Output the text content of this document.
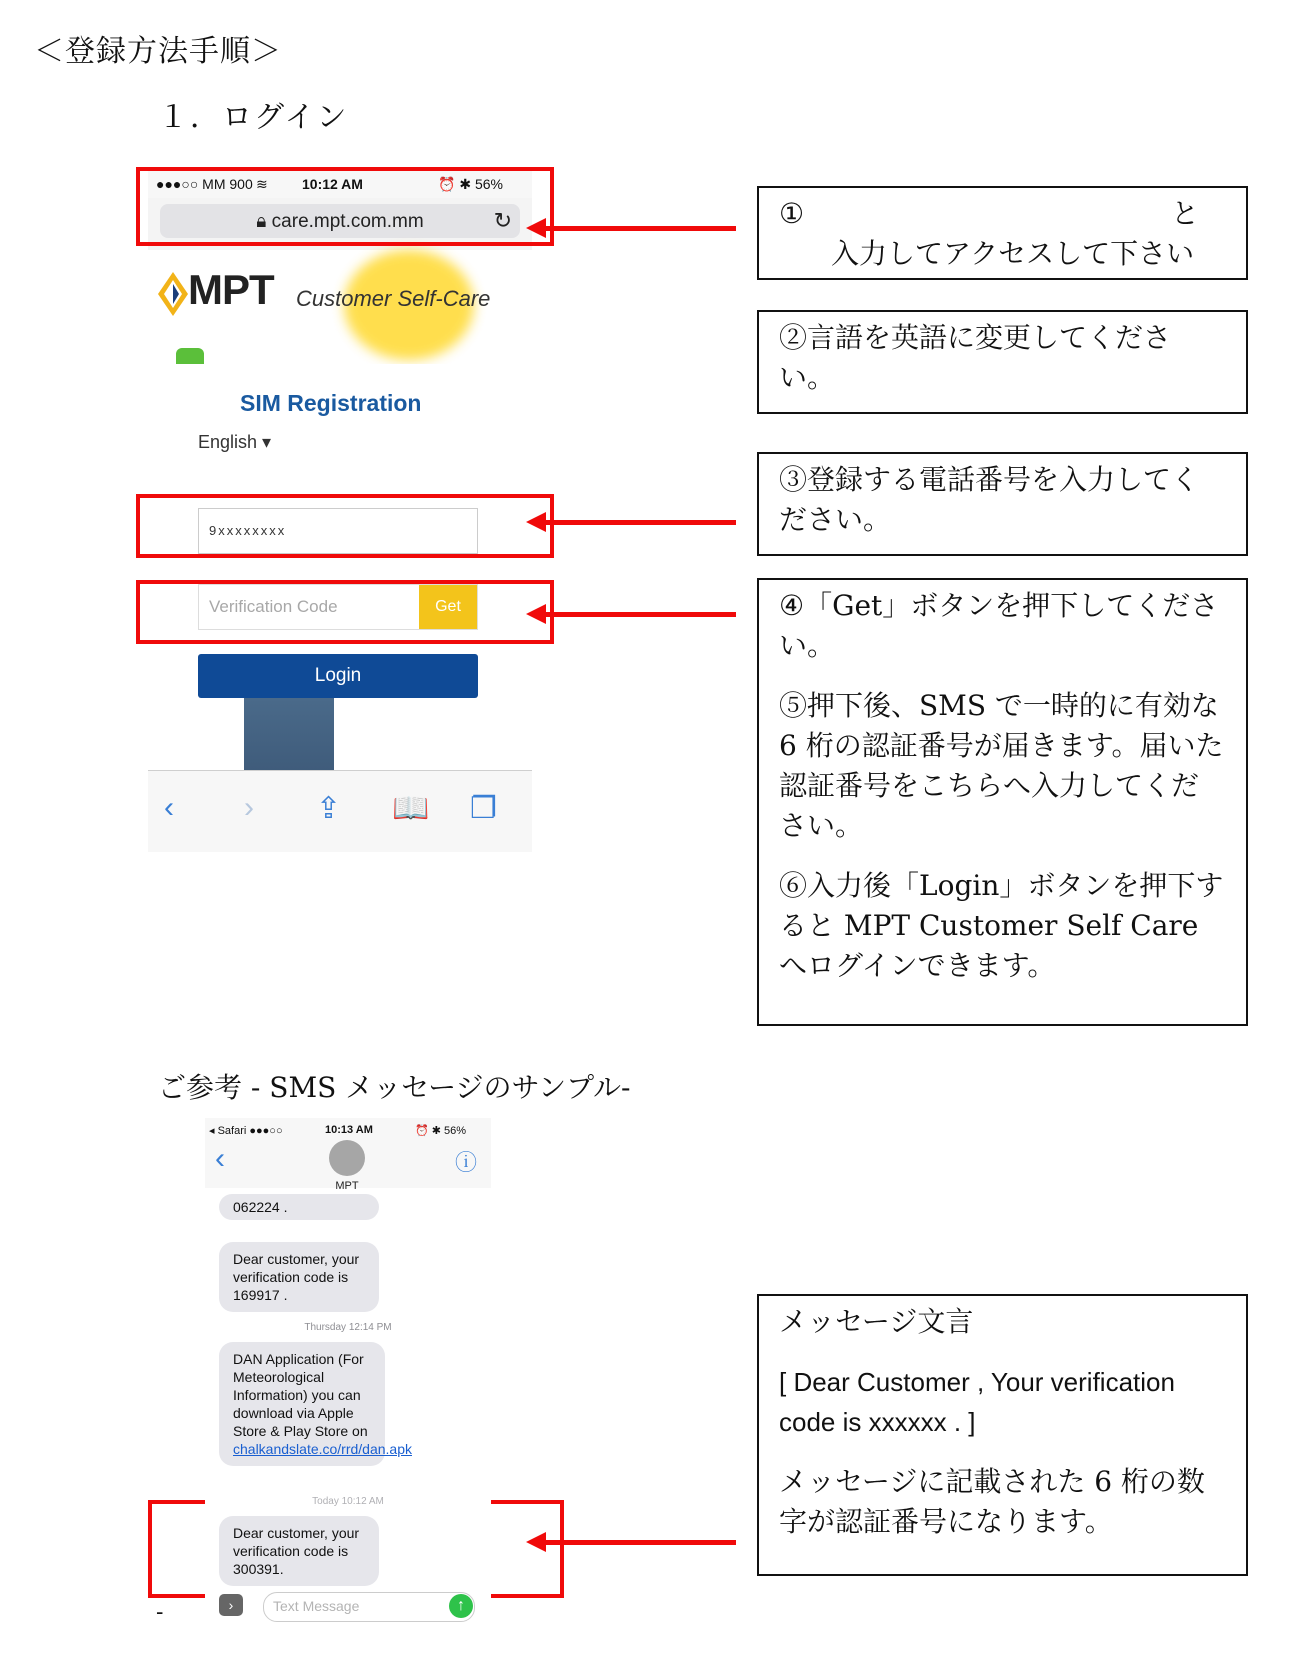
＜登録方法手順＞
１．ログイン
●●●○○ MM 900 ≋ 10:12 AM	⏰ ✱ 56%
🔒︎ care.mpt.com.mm	↻
MPT Customer Self-Care
SIM Registration
English ▾
9xxxxxxxx
Verification Code	Get
Login
‹ › ⇪ 📖 ❐

①	と

入力してアクセスして下さい

②言語を英語に変更してください。

③登録する電話番号を入力してください。

④「Get」ボタンを押下してください。

⑤押下後、SMS で一時的に有効な 6 桁の認証番号が届きます。届いた認証番号をこちらへ入力してください。

⑥入力後「Login」ボタンを押下すると MPT Customer Self Care へログインできます。

ご参考 - SMS メッセージのサンプル-
◂ Safari ●●●○○	10:13 AM	⏰ ✱ 56%
‹
MPT
ⓘ
062224 .
Dear customer, your verification code is 169917 .
Thursday 12:14 PM
DAN Application (For Meteorological Information) you can download via Apple Store & Play Store on chalkandslate.co/rrd/dan.apk
Today 10:12 AM
Dear customer, your verification code is 300391.
›	Text Message	↑
-

メッセージ文言

[ Dear Customer , Your verification code is xxxxxx . ]

メッセージに記載された 6 桁の数字が認証番号になります。
